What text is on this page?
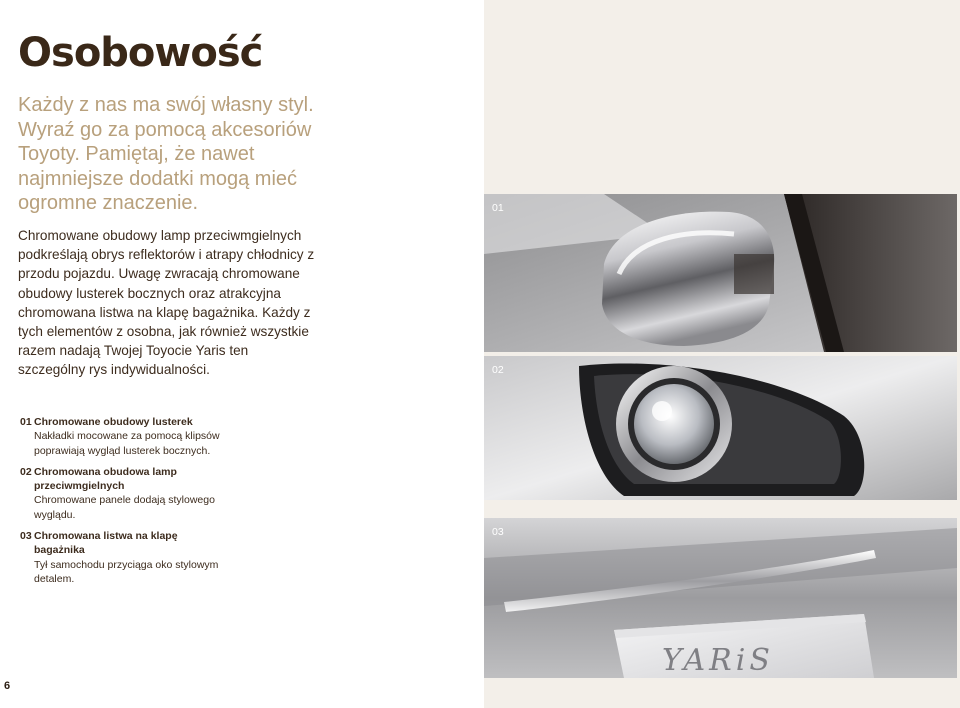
Osobowość

Każdy z nas ma swój własny styl. Wyraź go za pomocą akcesoriów Toyoty. Pamiętaj, że nawet najmniejsze dodatki mogą mieć ogromne znaczenie.

Chromowane obudowy lamp przeciwmgielnych podkreślają obrys reflektorów i atrapy chłodnicy z przodu pojazdu. Uwagę zwracają chromowane obudowy lusterek bocznych oraz atrakcyjna chromowana listwa na klapę bagażnika. Każdy z tych elementów z osobna, jak również wszystkie razem nadają Twojej Toyocie Yaris ten szczególny rys indywidualności.

01 Chromowane obudowy lusterek
Nakładki mocowane za pomocą klipsów poprawiają wygląd lusterek bocznych.
02 Chromowana obudowa lamp przeciwmgielnych
Chromowane panele dodają stylowego wyglądu.
03 Chromowana listwa na klapę bagażnika
Tył samochodu przyciąga oko stylowym detalem.
6
01
02
YARiS
03
